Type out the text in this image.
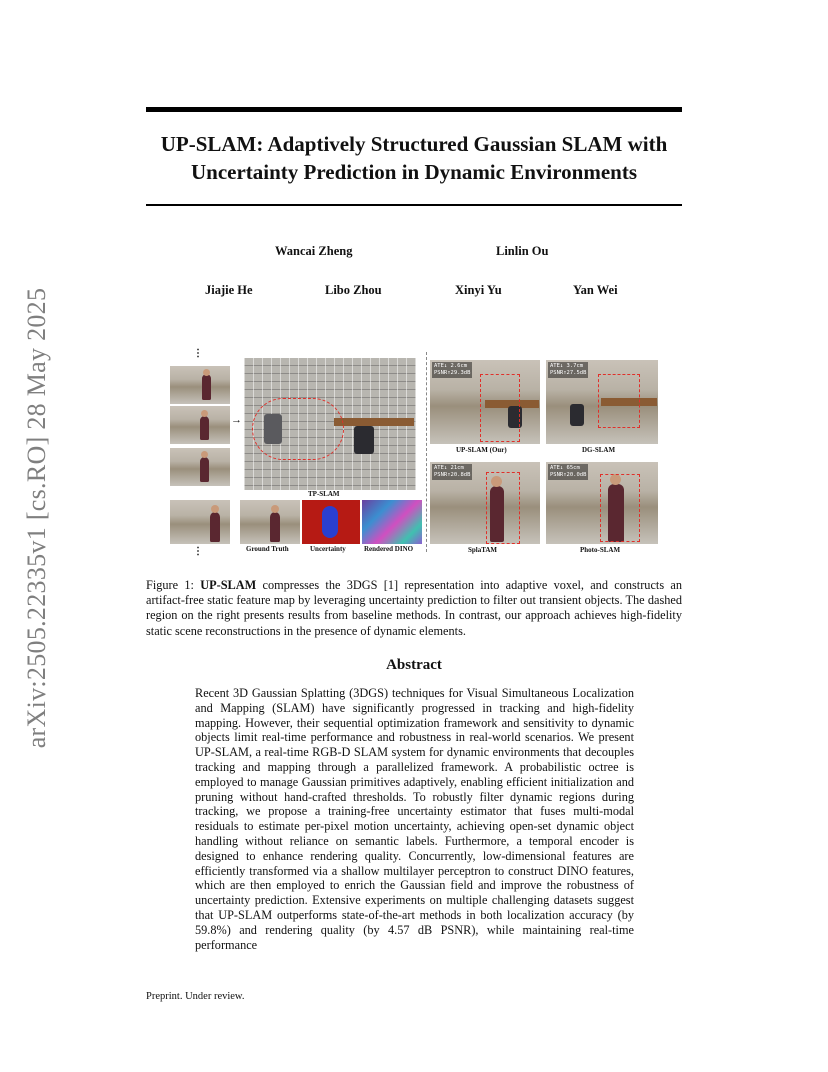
arXiv:2505.22335v1 [cs.RO] 28 May 2025
UP-SLAM: Adaptively Structured Gaussian SLAM with Uncertainty Prediction in Dynamic Environments
Wancai Zheng	Linlin Ou
Jiajie He	Libo Zhou	Xinyi Yu	Yan Wei
⋮
⋮
→
TP-SLAM
Ground Truth	Uncertainty	Rendered DINO
ATE↓ 2.6cm
PSNR↑29.3dB
UP-SLAM (Our)
ATE↓ 3.7cm
PSNR↑27.5dB
DG-SLAM
ATE↓ 21cm
PSNR↑20.8dB
SplaTAM
ATE↓ 65cm
PSNR↑20.0dB
Photo-SLAM

Figure 1: UP-SLAM compresses the 3DGS [1] representation into adaptive voxel, and constructs an artifact-free static feature map by leveraging uncertainty prediction to filter out transient objects. The dashed region on the right presents results from baseline methods. In contrast, our approach achieves high-fidelity static scene reconstructions in the presence of dynamic elements.

Abstract

Recent 3D Gaussian Splatting (3DGS) techniques for Visual Simultaneous Localization and Mapping (SLAM) have significantly progressed in tracking and high-fidelity mapping. However, their sequential optimization framework and sensitivity to dynamic objects limit real-time performance and robustness in real-world scenarios. We present UP-SLAM, a real-time RGB-D SLAM system for dynamic environments that decouples tracking and mapping through a parallelized framework. A probabilistic octree is employed to manage Gaussian primitives adaptively, enabling efficient initialization and pruning without hand-crafted thresholds. To robustly filter dynamic regions during tracking, we propose a training-free uncertainty estimator that fuses multi-modal residuals to estimate per-pixel motion uncertainty, achieving open-set dynamic object handling without reliance on semantic labels. Furthermore, a temporal encoder is designed to enhance rendering quality. Concurrently, low-dimensional features are efficiently transformed via a shallow multilayer perceptron to construct DINO features, which are then employed to enrich the Gaussian field and improve the robustness of uncertainty prediction. Extensive experiments on multiple challenging datasets suggest that UP-SLAM outperforms state-of-the-art methods in both localization accuracy (by 59.8%) and rendering quality (by 4.57 dB PSNR), while maintaining real-time performance

Preprint. Under review.
